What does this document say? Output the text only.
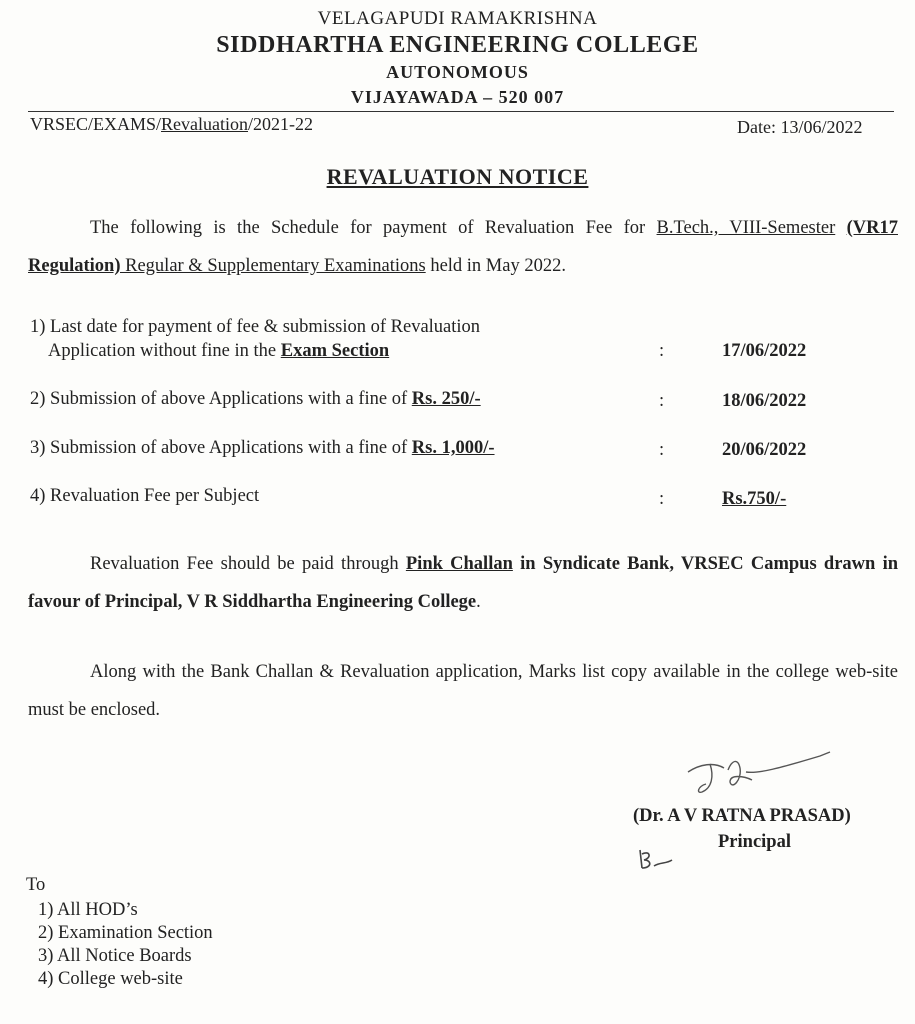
VELAGAPUDI RAMAKRISHNA
SIDDHARTHA ENGINEERING COLLEGE
AUTONOMOUS
VIJAYAWADA – 520 007
VRSEC/EXAMS/Revaluation/2021-22	Date: 13/06/2022
REVALUATION NOTICE
The following is the Schedule for payment of Revaluation Fee for B.Tech., VIII-Semester (VR17 Regulation) Regular & Supplementary Examinations held in May 2022.
1) Last date for payment of fee & submission of Revaluation
Application without fine in the Exam Section	:	17/06/2022
2) Submission of above Applications with a fine of Rs. 250/-	:	18/06/2022
3) Submission of above Applications with a fine of Rs. 1,000/-	:	20/06/2022
4) Revaluation Fee per Subject	:	Rs.750/-
Revaluation Fee should be paid through Pink Challan in Syndicate Bank, VRSEC Campus drawn in favour of Principal, V R Siddhartha Engineering College.
Along with the Bank Challan & Revaluation application, Marks list copy available in the college web-site must be enclosed.
(Dr. A V RATNA PRASAD)
Principal
To
1) All HOD’s
2) Examination Section
3) All Notice Boards
4) College web-site
